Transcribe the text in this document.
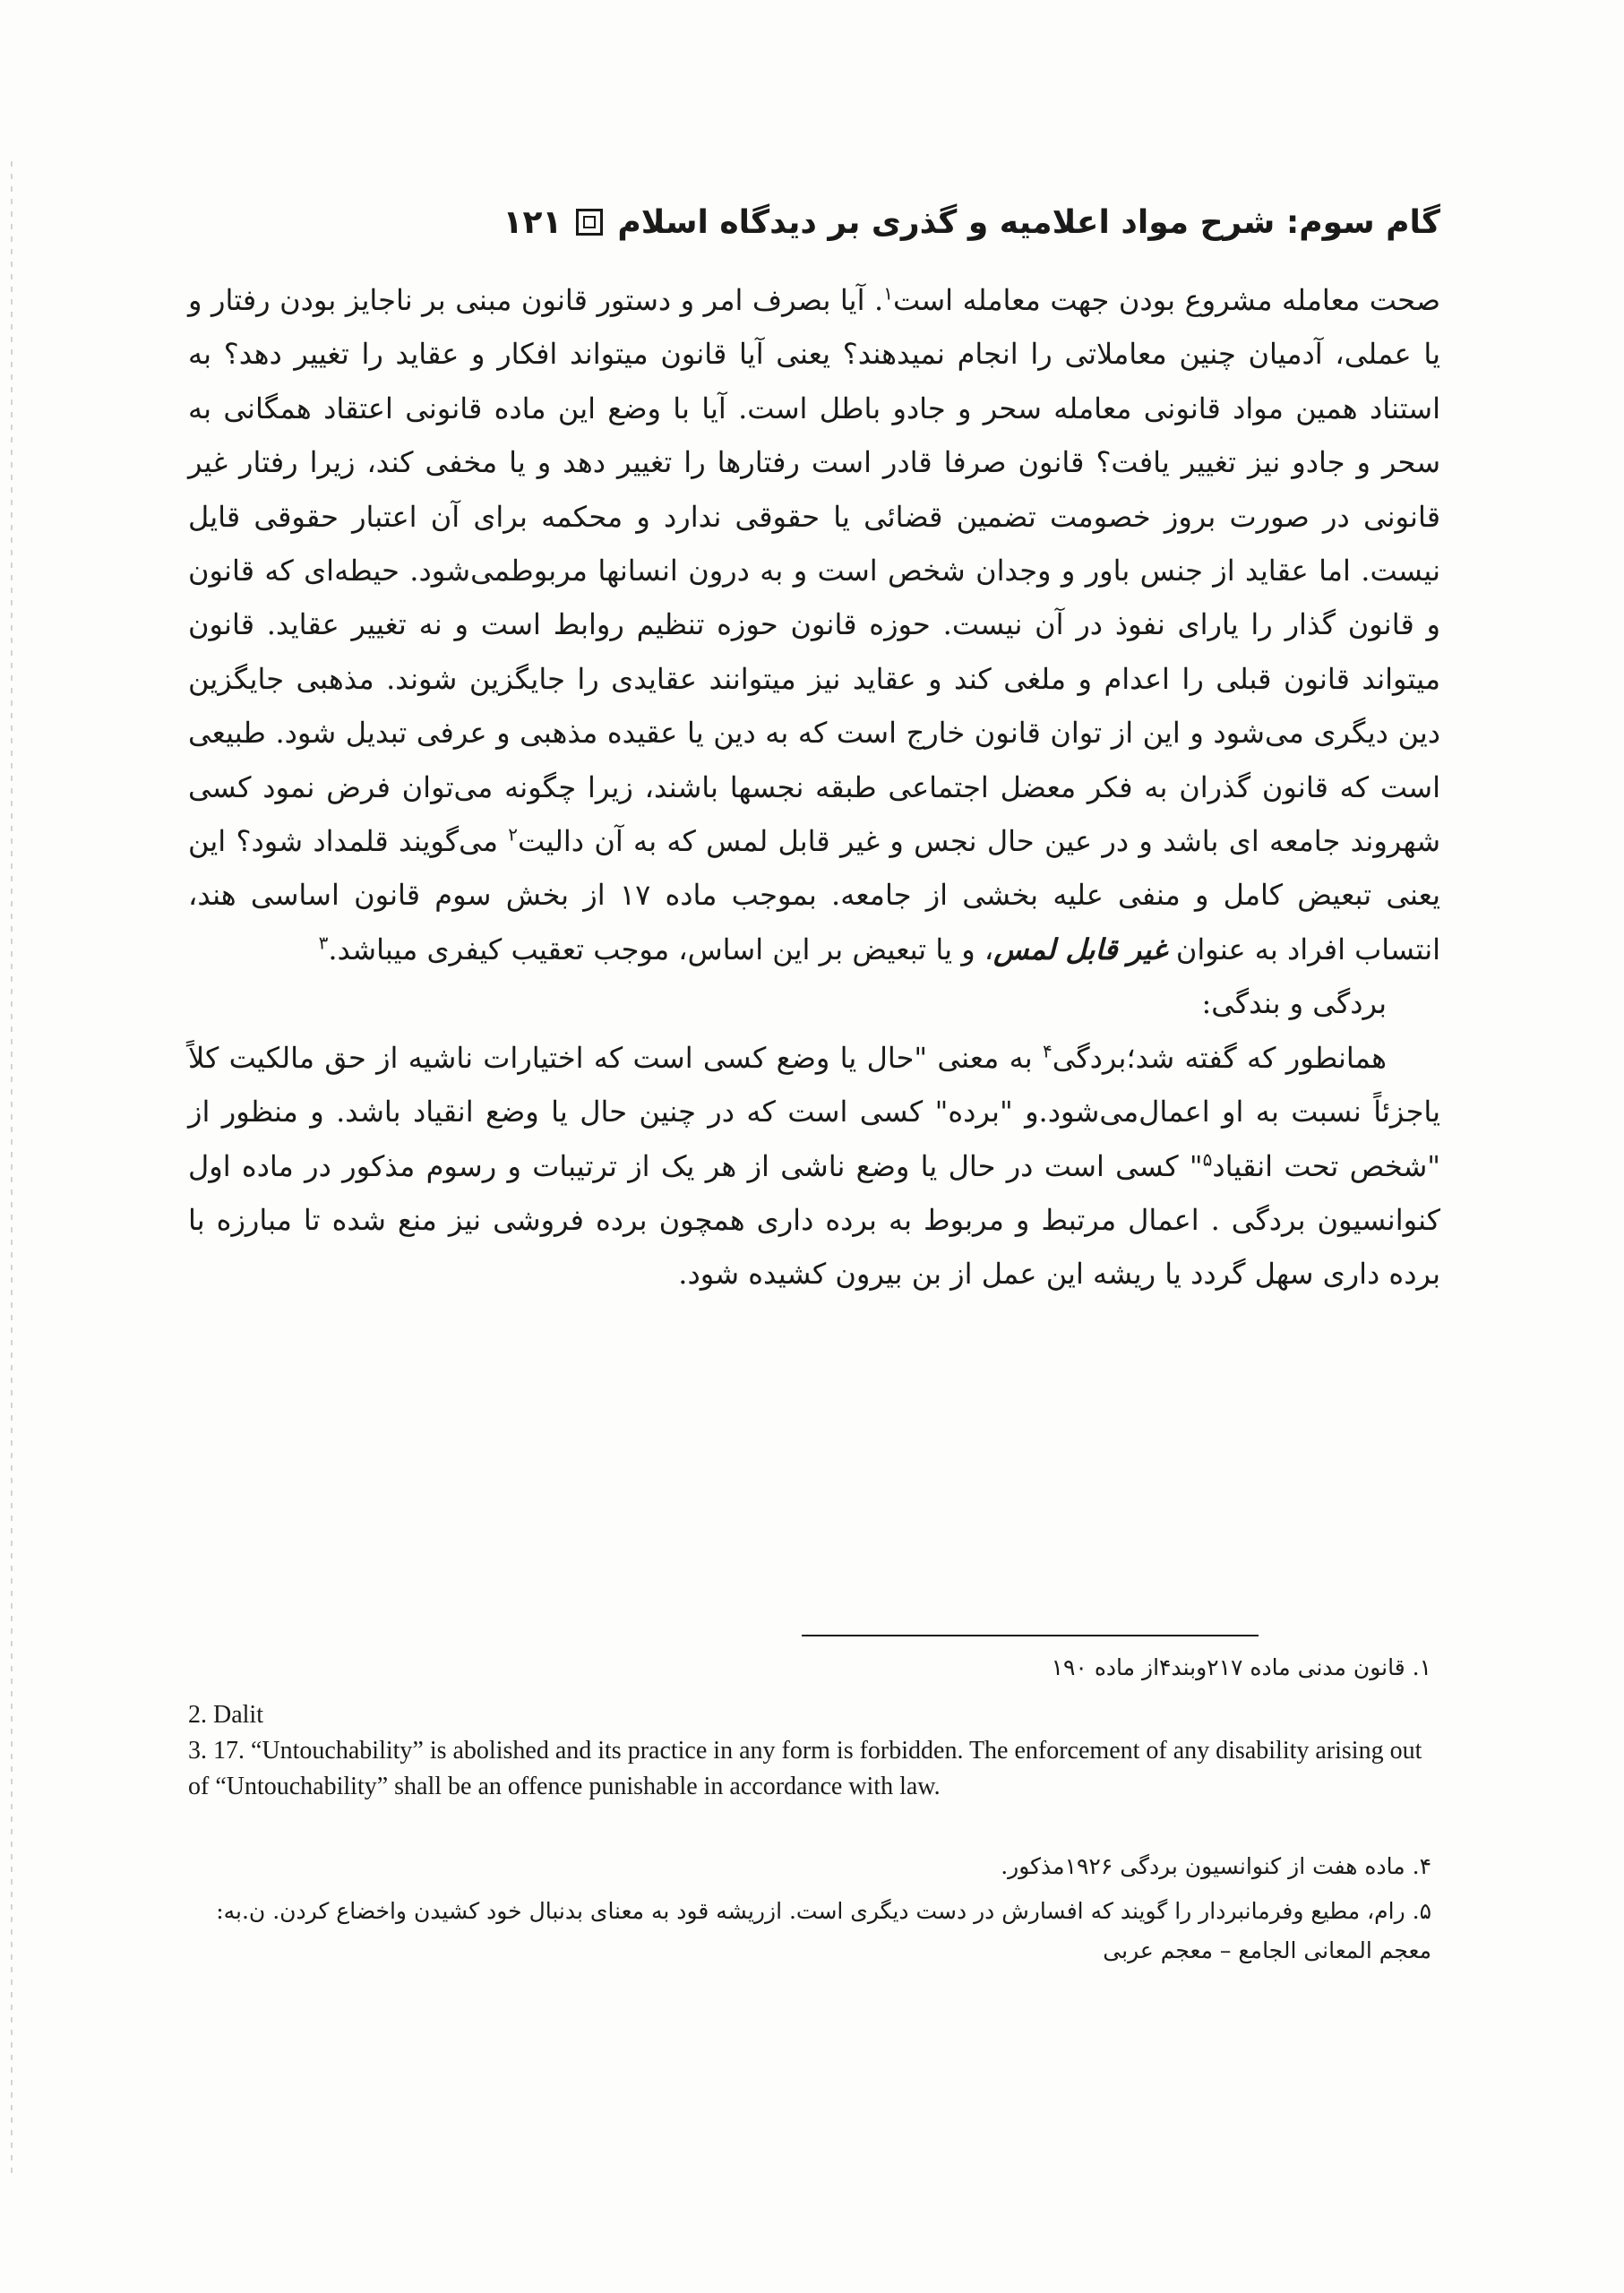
گام سوم: شرح مواد اعلامیه و گذری بر دیدگاه اسلام
۱۲۱

صحت معامله مشروع بودن جهت معامله است$^۱$. آیا بصرف امر و دستور قانون مبنی بر ناجایز بودن رفتار و یا عملی، آدمیان چنین معاملاتی را انجام نمیدهند؟ یعنی آیا قانون میتواند افکار و عقاید را تغییر دهد؟ به استناد همین مواد قانونی معامله سحر و جادو باطل است. آیا با وضع این ماده قانونی اعتقاد همگانی به سحر و جادو نیز تغییر یافت؟ قانون صرفا قادر است رفتارها را تغییر دهد و یا مخفی کند، زیرا رفتار غیر قانونی در صورت بروز خصومت تضمین قضائی یا حقوقی ندارد و محکمه برای آن اعتبار حقوقی قایل نیست. اما عقاید از جنس باور و وجدان شخص است و به درون انسانها مربوطمی‌شود. حیطه‌ای که قانون و قانون گذار را یارای نفوذ در آن نیست. حوزه قانون حوزه تنظیم روابط است و نه تغییر عقاید. قانون میتواند قانون قبلی را اعدام و ملغی کند و عقاید نیز میتوانند عقایدی را جایگزین شوند. مذهبی جایگزین دین دیگری می‌شود و این از توان قانون خارج است که به دین یا عقیده مذهبی و عرفی تبدیل شود. طبیعی است که قانون گذران به فکر معضل اجتماعی طبقه نجسها باشند، زیرا چگونه می‌توان فرض نمود کسی شهروند جامعه ای باشد و در عین حال نجس و غیر قابل لمس که به آن دالیت$^۲$ می‌گویند قلمداد شود؟ این یعنی تبعیض کامل و منفی علیه بخشی از جامعه. بموجب ماده ۱۷ از بخش سوم قانون اساسی هند، انتساب افراد به عنوان غیر قابل لمس، و یا تبعیض بر این اساس، موجب تعقیب کیفری میباشد.$^۳$

بردگی و بندگی:

همانطور که گفته شد؛بردگی$^۴$ به معنی "حال یا وضع کسی است که اختیارات ناشیه از حق مالکیت کلاً یاجزئاً نسبت به او اعمال‌می‌شود.و "برده" کسی است که در چنین حال یا وضع انقیاد باشد. و منظور از "شخص تحت انقیاد$^۵$" کسی است در حال یا وضع ناشی از هر یک از ترتیبات و رسوم مذکور در ماده اول کنوانسیون بردگی . اعمال مرتبط و مربوط به برده داری همچون برده فروشی نیز منع شده تا مبارزه با برده داری سهل گردد یا ریشه این عمل از بن بیرون کشیده شود.

۱. قانون مدنی ماده ۲۱۷وبند۴از ماده ۱۹۰
2. Dalit
3. 17. “Untouchability” is abolished and its practice in any form is forbidden. The enforcement of any disability arising out of “Untouchability” shall be an offence punishable in accordance with law.
۴. ماده هفت از کنوانسیون بردگی ۱۹۲۶مذکور.
۵. رام، مطیع وفرمانبردار را گویند که افسارش در دست دیگری است. ازریشه قود به معنای بدنبال خود کشیدن واخضاع کردن. ن.به: معجم المعانی الجامع – معجم عربی
